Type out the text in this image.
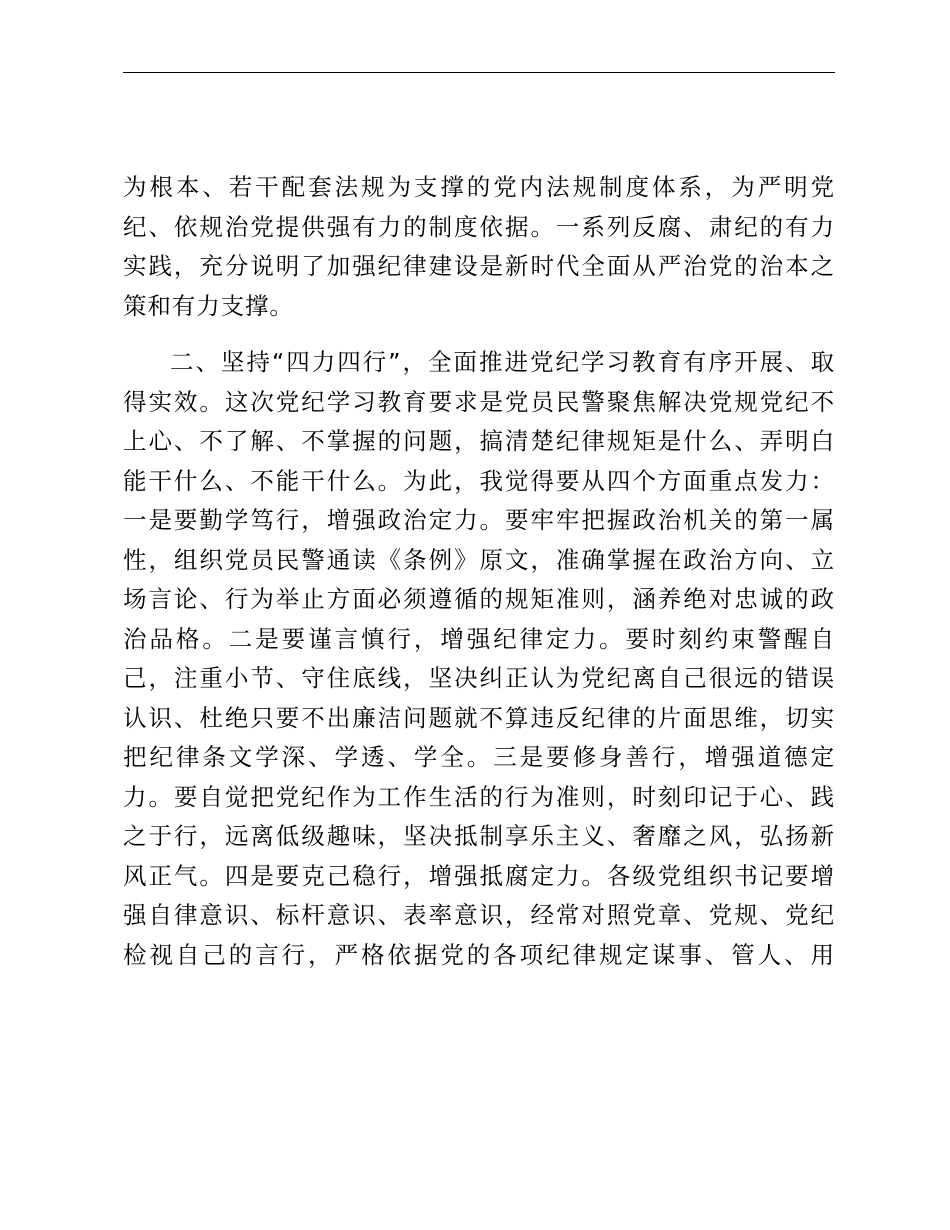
为根本、若干配套法规为支撑的党内法规制度体系，为严明党
纪、依规治党提供强有力的制度依据。一系列反腐、肃纪的有力
实践，充分说明了加强纪律建设是新时代全面从严治党的治本之
策和有力支撑。
二、坚持“四力四行”，全面推进党纪学习教育有序开展、取
得实效。这次党纪学习教育要求是党员民警聚焦解决党规党纪不
上心、不了解、不掌握的问题，搞清楚纪律规矩是什么、弄明白
能干什么、不能干什么。为此，我觉得要从四个方面重点发力：
一是要勤学笃行，增强政治定力。要牢牢把握政治机关的第一属
性，组织党员民警通读《条例》原文，准确掌握在政治方向、立
场言论、行为举止方面必须遵循的规矩准则，涵养绝对忠诚的政
治品格。二是要谨言慎行，增强纪律定力。要时刻约束警醒自
己，注重小节、守住底线，坚决纠正认为党纪离自己很远的错误
认识、杜绝只要不出廉洁问题就不算违反纪律的片面思维，切实
把纪律条文学深、学透、学全。三是要修身善行，增强道德定
力。要自觉把党纪作为工作生活的行为准则，时刻印记于心、践
之于行，远离低级趣味，坚决抵制享乐主义、奢靡之风，弘扬新
风正气。四是要克己稳行，增强抵腐定力。各级党组织书记要增
强自律意识、标杆意识、表率意识，经常对照党章、党规、党纪
检视自己的言行，严格依据党的各项纪律规定谋事、管人、用
